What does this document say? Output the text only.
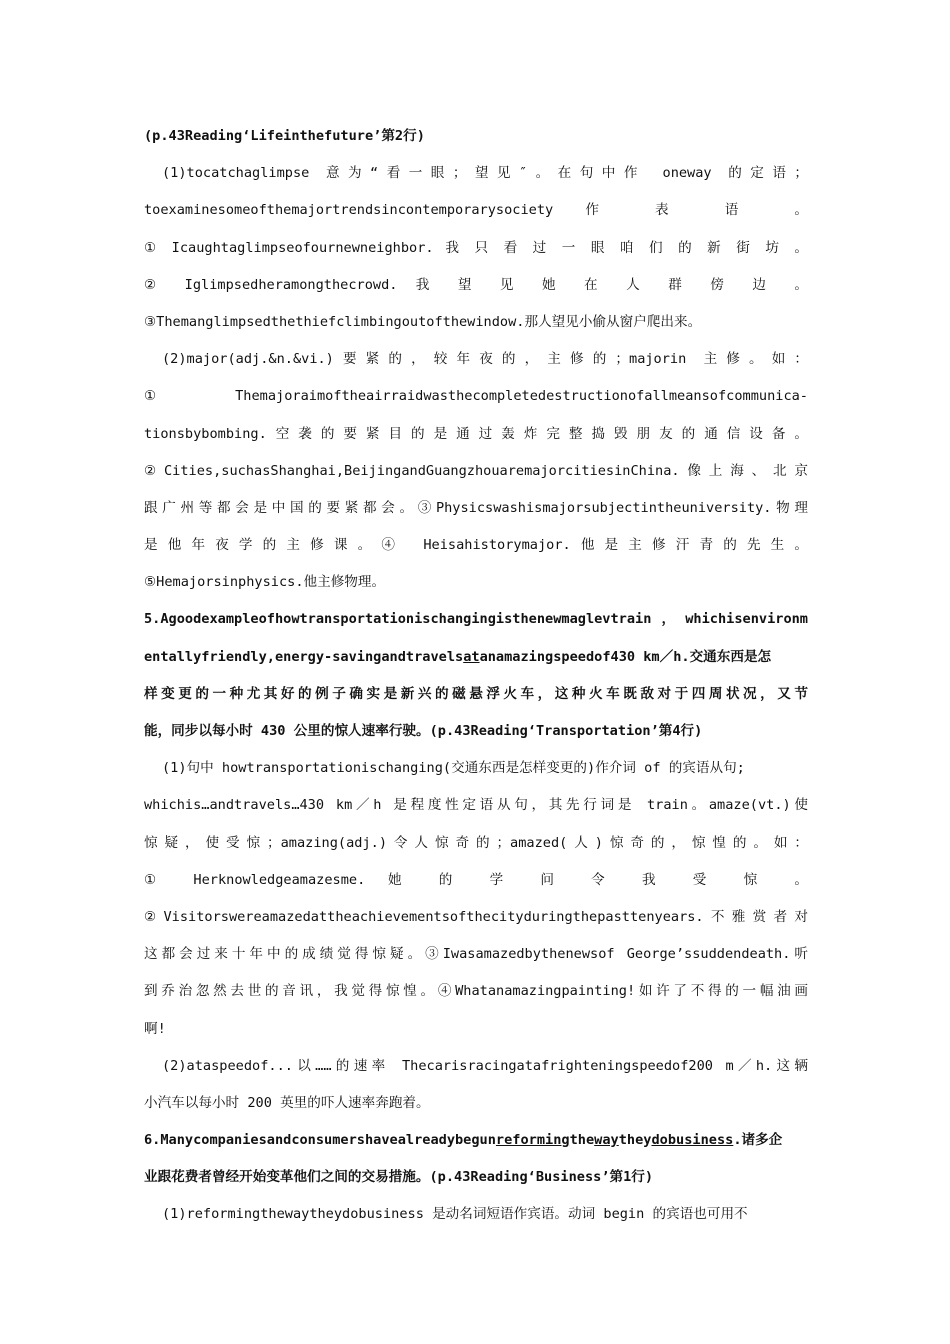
(p.43Reading‘Lifeinthefuture’第2行)
(1)tocatchaglimpse 意为“看一眼；望见″。在句中作 oneway 的定语；
toexaminesomeofthemajortrendsincontemporarysociety 作 表 语 。
① Icaughtaglimpseofournewneighbor. 我 只 看 过 一 眼 咱 们 的 新 街 坊 。
② Iglimpsedheramongthecrowd. 我 望 见 她 在 人 群 傍 边 。
③Themanglimpsedthethiefclimbingoutofthewindow.那人望见小偷从窗户爬出来。
(2)major(adj.&n.&vi.)要紧的，较年夜的，主修的；majorin 主修。如：
① Themajoraimoftheairraidwasthecompletedestructionofallmeansofcommunica-
tionsbybombing.空袭的要紧目的是通过轰炸完整捣毁朋友的通信设备。
②Cities,suchasShanghai,BeijingandGuangzhouaremajorcitiesinChina.像上海、北京
跟广州等都会是中国的要紧都会。③Physicswashismajorsubjectintheuniversity.物理
是他年夜学的主修课。④ Heisahistorymajor.他是主修汗青的先生。
⑤Hemajorsinphysics.他主修物理。
5.Agoodexampleofhowtransportationischangingisthenewmaglevtrain，whichisenvironm
entallyfriendly,energy-savingandtravelsatanamazingspeedof430 km／h.交通东西是怎
样变更的一种尤其好的例子确实是新兴的磁悬浮火车，这种火车既敌对于四周状况，又节
能，同步以每小时 430 公里的惊人速率行驶。(p.43Reading‘Transportation’第4行)
(1)句中 howtransportationischanging(交通东西是怎样变更的)作介词 of 的宾语从句;
whichis…andtravels…430 km／h 是程度性定语从句，其先行词是 train。amaze(vt.)使
惊疑，使受惊；amazing(adj.)令人惊奇的；amazed(人)惊奇的，惊惶的。如：
① Herknowledgeamazesme. 她 的 学 问 令 我 受 惊 。
②Visitorswereamazedattheachievementsofthecityduringthepasttenyears.不雅赏者对
这都会过来十年中的成绩觉得惊疑。③Iwasamazedbythenewsof George’ssuddendeath.听
到乔治忽然去世的音讯，我觉得惊惶。④Whatanamazingpainting!如许了不得的一幅油画
啊!
(2)ataspeedof...以……的速率 Thecarisracingatafrighteningspeedof200 m／h.这辆
小汽车以每小时 200 英里的吓人速率奔跑着。
6.Manycompaniesandconsumershavealreadybegunreformingthewaytheydobusiness.诸多企
业跟花费者曾经开始变革他们之间的交易措施。(p.43Reading‘Business’第1行)
(1)reformingthewaytheydobusiness 是动名词短语作宾语。动词 begin 的宾语也可用不
